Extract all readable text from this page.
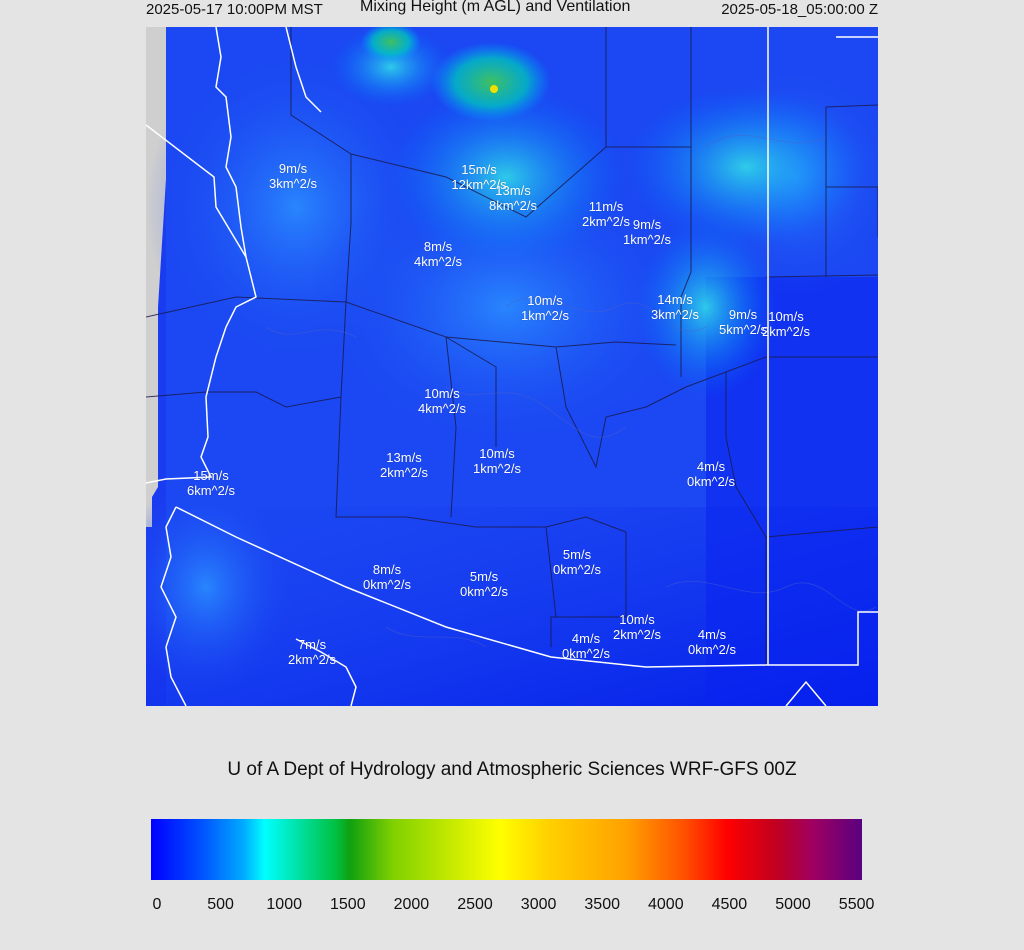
2025-05-17 10:00PM MST Mixing Height (m AGL) and Ventilation	2025-05-18_05:00:00 Z
9m/s
3km^2/s
15m/s
12km^2/s
13m/s
8km^2/s	11m/s
2km^2/s 9m/s
1km^2/s
8m/s
4km^2/s
10m/s
1km^2/s
14m/s
3km^2/s	9m/s
5km^2/s
10m/s
2km^2/s
10m/s
4km^2/s
13m/s
2km^2/s
10m/s
1km^2/s	4m/s
0km^2/s
15m/s
6km^2/s
8m/s
0km^2/s
5m/s
0km^2/s
5m/s
0km^2/s
10m/s
2km^2/s
4m/s
0km^2/s
4m/s
0km^2/s
7m/s
2km^2/s
U of A Dept of Hydrology and Atmospheric Sciences WRF-GFS 00Z
0	500 1000 1500 2000 2500 3000 3500 4000 4500 5000 5500
